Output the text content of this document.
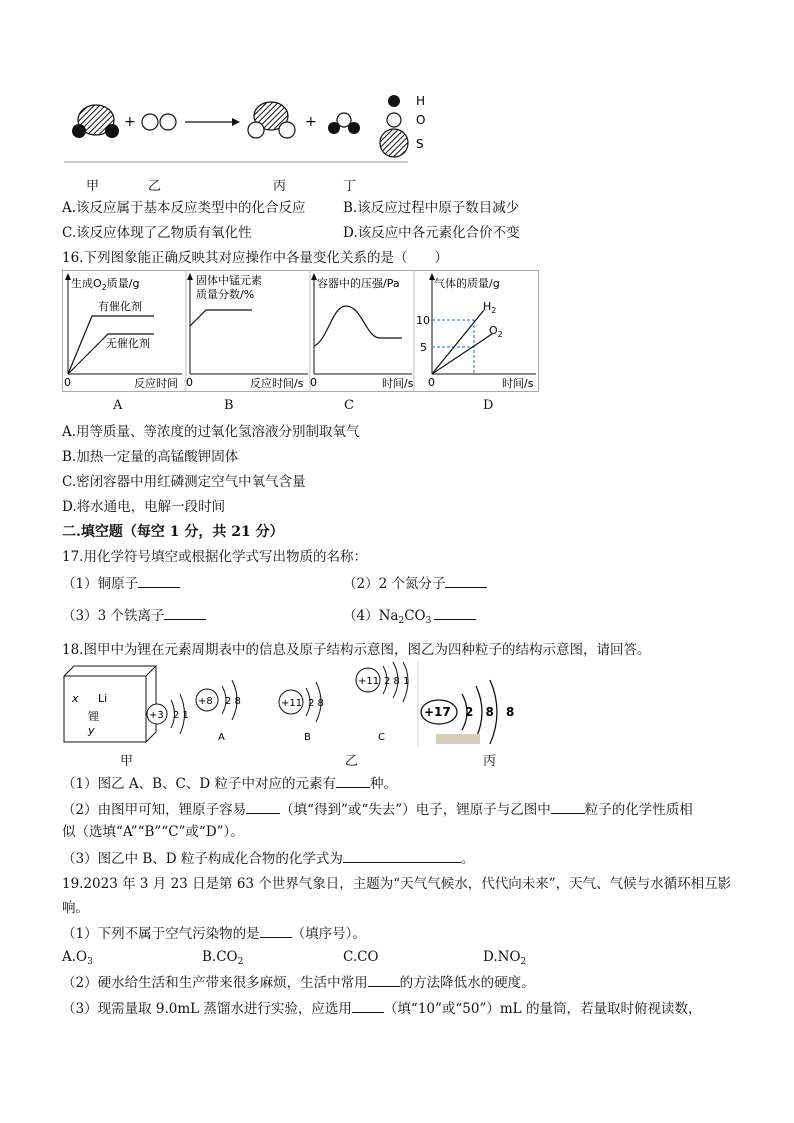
+	+
H
O
S
甲	乙	丙	丁
A.该反应属于基本反应类型中的化合反应	B.该反应过程中原子数目减少
C.该反应体现了乙物质有氧化性	D.该反应中各元素化合价不变
16.下列图象能正确反映其对应操作中各量变化关系的是（　　）
生成$O_2$质量/g
有催化剂
无催化剂
0	反应时间
固体中锰元素
质量分数/%
0	反应时间/s
容器中的压强/Pa
0	时间/s
气体的质量/g
10
5
$H_2$
$O_2$
0	时间/s
A	B	C	D
A.用等质量、等浓度的过氧化氢溶液分别制取氧气
B.加热一定量的高锰酸钾固体
C.密闭容器中用红磷测定空气中氧气含量
D.将水通电，电解一段时间
二.填空题（每空 1 分，共 21 分）
17.用化学符号填空或根据化学式写出物质的名称：
（1）铜原子	（2）2 个氮分子
（3）3 个铁离子	$(4)Na_2CO_3$
18.图甲中为锂在元素周期表中的信息及原子结构示意图，图乙为四种粒子的结构示意图，请回答。
x Li
锂
y
+3 2 1
+8 2 8
A
+11 2 8
B
+11 2 8 1
C
+17 2 8 8
甲	乙	丙
（1）图乙 A、B、C、D 粒子中对应的元素有	种。
（2）由图甲可知，锂原子容易	（填“得到”或“失去”）电子，锂原子与乙图中	粒子的化学性质相
似（选填“A”“B”“C”或“D”）。
（3）图乙中 B、D 粒子构成化合物的化学式为	。
19.2023 年 3 月 23 日是第 63 个世界气象日，主题为“天气气候水，代代向未来”，天气、气候与水循环相互影
响。
（1）下列不属于空气污染物的是 （填序号）。
$A.O_3$	$B.CO_2$	C.CO	$D.NO_2$
（2）硬水给生活和生产带来很多麻烦，生活中常用 的方法降低水的硬度。
（3）现需量取 9.0mL 蒸馏水进行实验，应选用 （填“10”或“50”）mL 的量筒，若量取时俯视读数，
